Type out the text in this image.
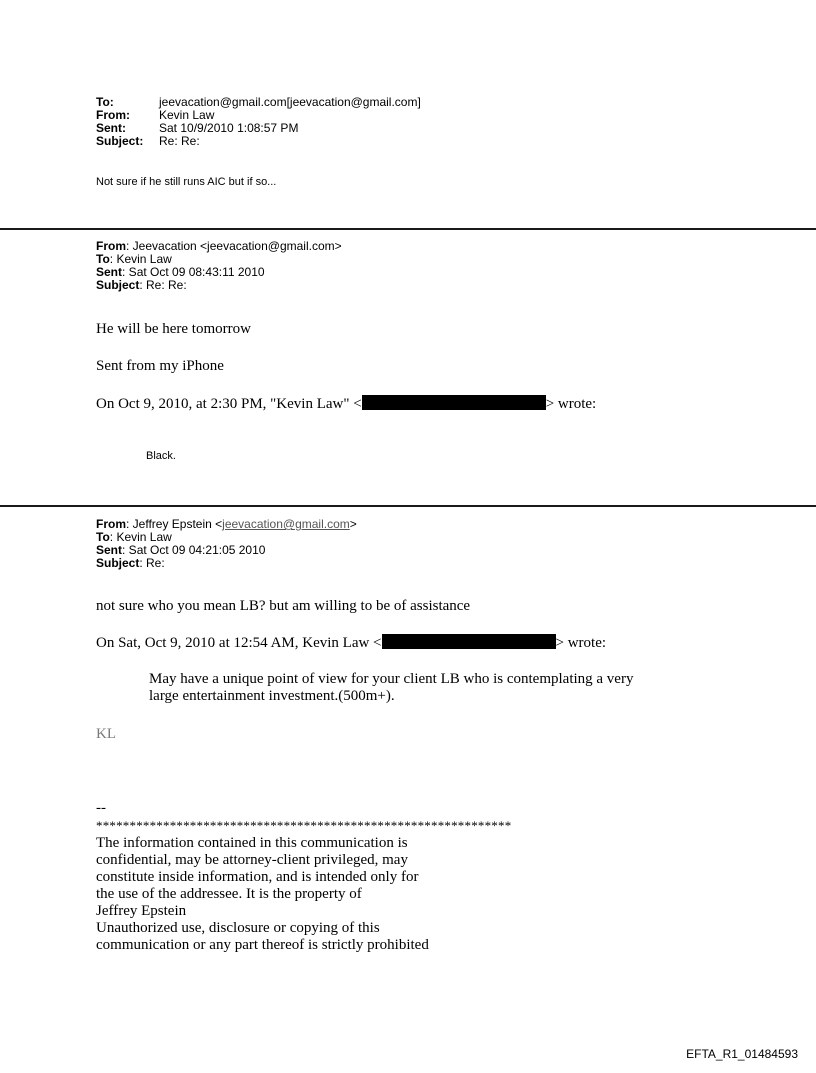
To:	jeevacation@gmail.com[jeevacation@gmail.com]
From:	Kevin Law
Sent:	Sat 10/9/2010 1:08:57 PM
Subject:	Re: Re:
Not sure if he still runs AIC but if so...
From: Jeevacation <jeevacation@gmail.com>
To: Kevin Law
Sent: Sat Oct 09 08:43:11 2010
Subject: Re: Re:
He will be here tomorrow
Sent from my iPhone
On Oct 9, 2010, at 2:30 PM, "Kevin Law" <	> wrote:
Black.
From: Jeffrey Epstein <jeevacation@gmail.com>
To: Kevin Law
Sent: Sat Oct 09 04:21:05 2010
Subject: Re:
not sure who you mean LB? but am willing to be of assistance
On Sat, Oct 9, 2010 at 12:54 AM, Kevin Law <	> wrote:
May have a unique point of view for your client LB who is contemplating a very
large entertainment investment.(500m+).
KL
--
**************************************************************
The information contained in this communication is
confidential, may be attorney-client privileged, may
constitute inside information, and is intended only for
the use of the addressee. It is the property of
Jeffrey Epstein
Unauthorized use, disclosure or copying of this
communication or any part thereof is strictly prohibited
EFTA_R1_01484593
